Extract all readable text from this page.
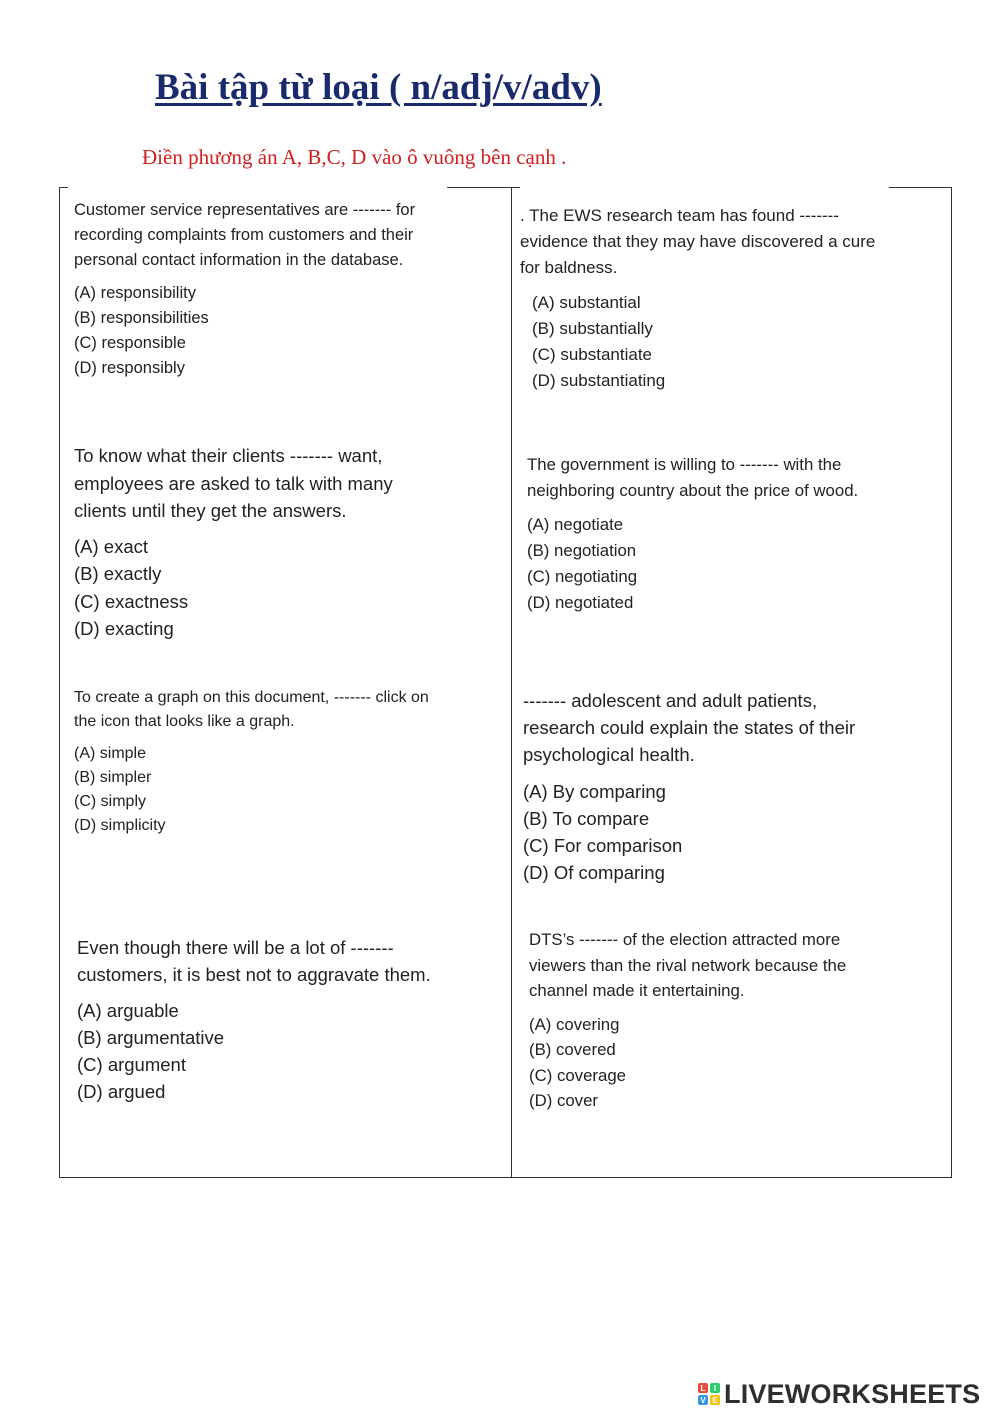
Bài tập từ loại ( n/adj/v/adv)
Điền phương án A, B,C, D vào ô vuông bên cạnh .

Customer service representatives are ------- for recording complaints from customers and their personal contact information in the database.

(A) responsibility
(B) responsibilities
(C) responsible
(D) responsibly

. The EWS research team has found ------- evidence that they may have discovered a cure for baldness.

(A) substantial
(B) substantially
(C) substantiate
(D) substantiating

To know what their clients ------- want, employees are asked to talk with many clients until they get the answers.

(A) exact
(B) exactly
(C) exactness
(D) exacting

The government is willing to ------- with the neighboring country about the price of wood.

(A) negotiate
(B) negotiation
(C) negotiating
(D) negotiated

To create a graph on this document, ------- click on the icon that looks like a graph.

(A) simple
(B) simpler
(C) simply
(D) simplicity

------- adolescent and adult patients, research could explain the states of their psychological health.

(A) By comparing
(B) To compare
(C) For comparison
(D) Of comparing

Even though there will be a lot of ------- customers, it is best not to aggravate them.

(A) arguable
(B) argumentative
(C) argument
(D) argued

DTS’s ------- of the election attracted more viewers than the rival network because the channel made it entertaining.

(A) covering
(B) covered
(C) coverage
(D) cover
L	I
V E LIVEWORKSHEETS
